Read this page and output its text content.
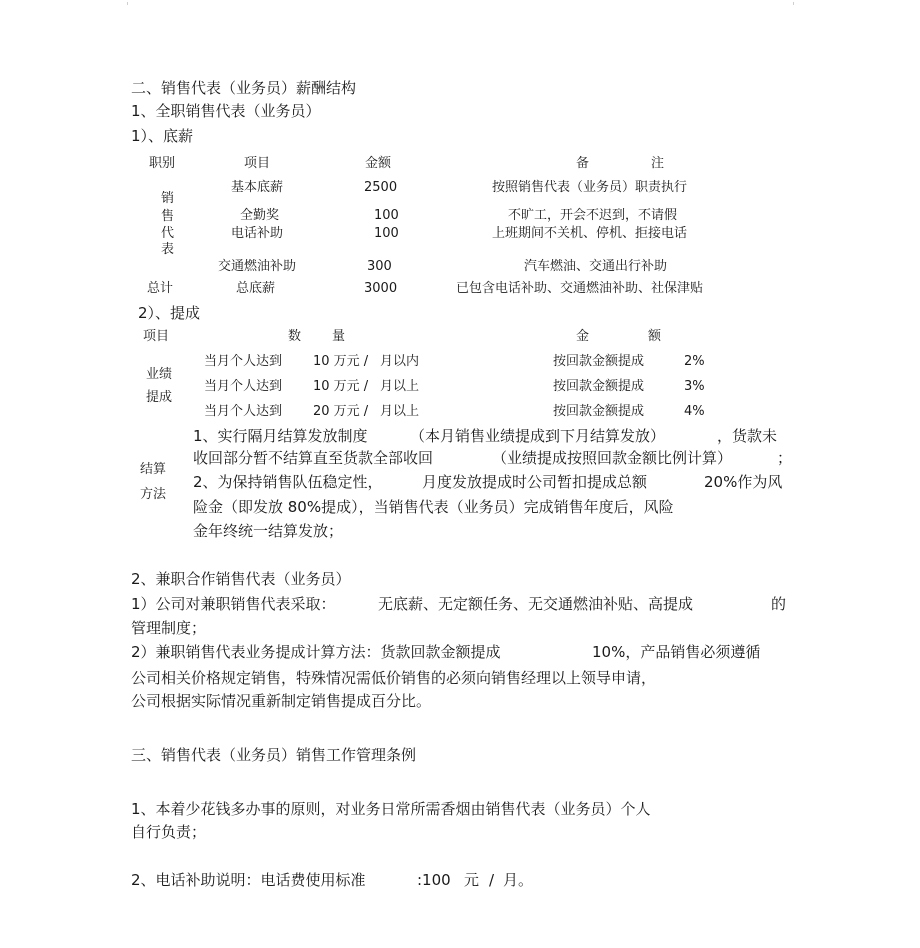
二、销售代表（业务员）薪酬结构
1、全职销售代表（业务员）
1）、底薪
职别	项目	金额	备	注
销
售
代
表
基本底薪	2500	按照销售代表（业务员）职责执行
全勤奖	100	不旷工，开会不迟到，不请假
电话补助	100	上班期间不关机、停机、拒接电话
交通燃油补助	300	汽车燃油、交通出行补助
总计	总底薪	3000	已包含电话补助、交通燃油补助、社保津贴
2）、提成
项目	数 量	金	额
业绩
提成
当月个人达到 10 万元 / 月以内	按回款金额提成	2%
当月个人达到 10 万元 / 月以上	按回款金额提成	3%
当月个人达到 20 万元 / 月以上	按回款金额提成	4%
结算
方法
1、实行隔月结算发放制度	（本月销售业绩提成到下月结算发放）	，货款未
收回部分暂不结算直至货款全部收回	（业绩提成按照回款金额比例计算）	；
2、为保持销售队伍稳定性，	月度发放提成时公司暂扣提成总额	20%作为风
险金（即发放 80%提成），当销售代表（业务员）完成销售年度后，风险
金年终统一结算发放；
2、兼职合作销售代表（业务员）
1）公司对兼职销售代表采取：	无底薪、无定额任务、无交通燃油补贴、高提成	的
管理制度；
2）兼职销售代表业务提成计算方法：货款回款金额提成	10%，产品销售必须遵循
公司相关价格规定销售，特殊情况需低价销售的必须向销售经理以上领导申请，
公司根据实际情况重新制定销售提成百分比。
三、销售代表（业务员）销售工作管理条例
1、本着少花钱多办事的原则，对业务日常所需香烟由销售代表（业务员）个人
自行负责；
2、电话补助说明：电话费使用标准	:100 元 / 月。
